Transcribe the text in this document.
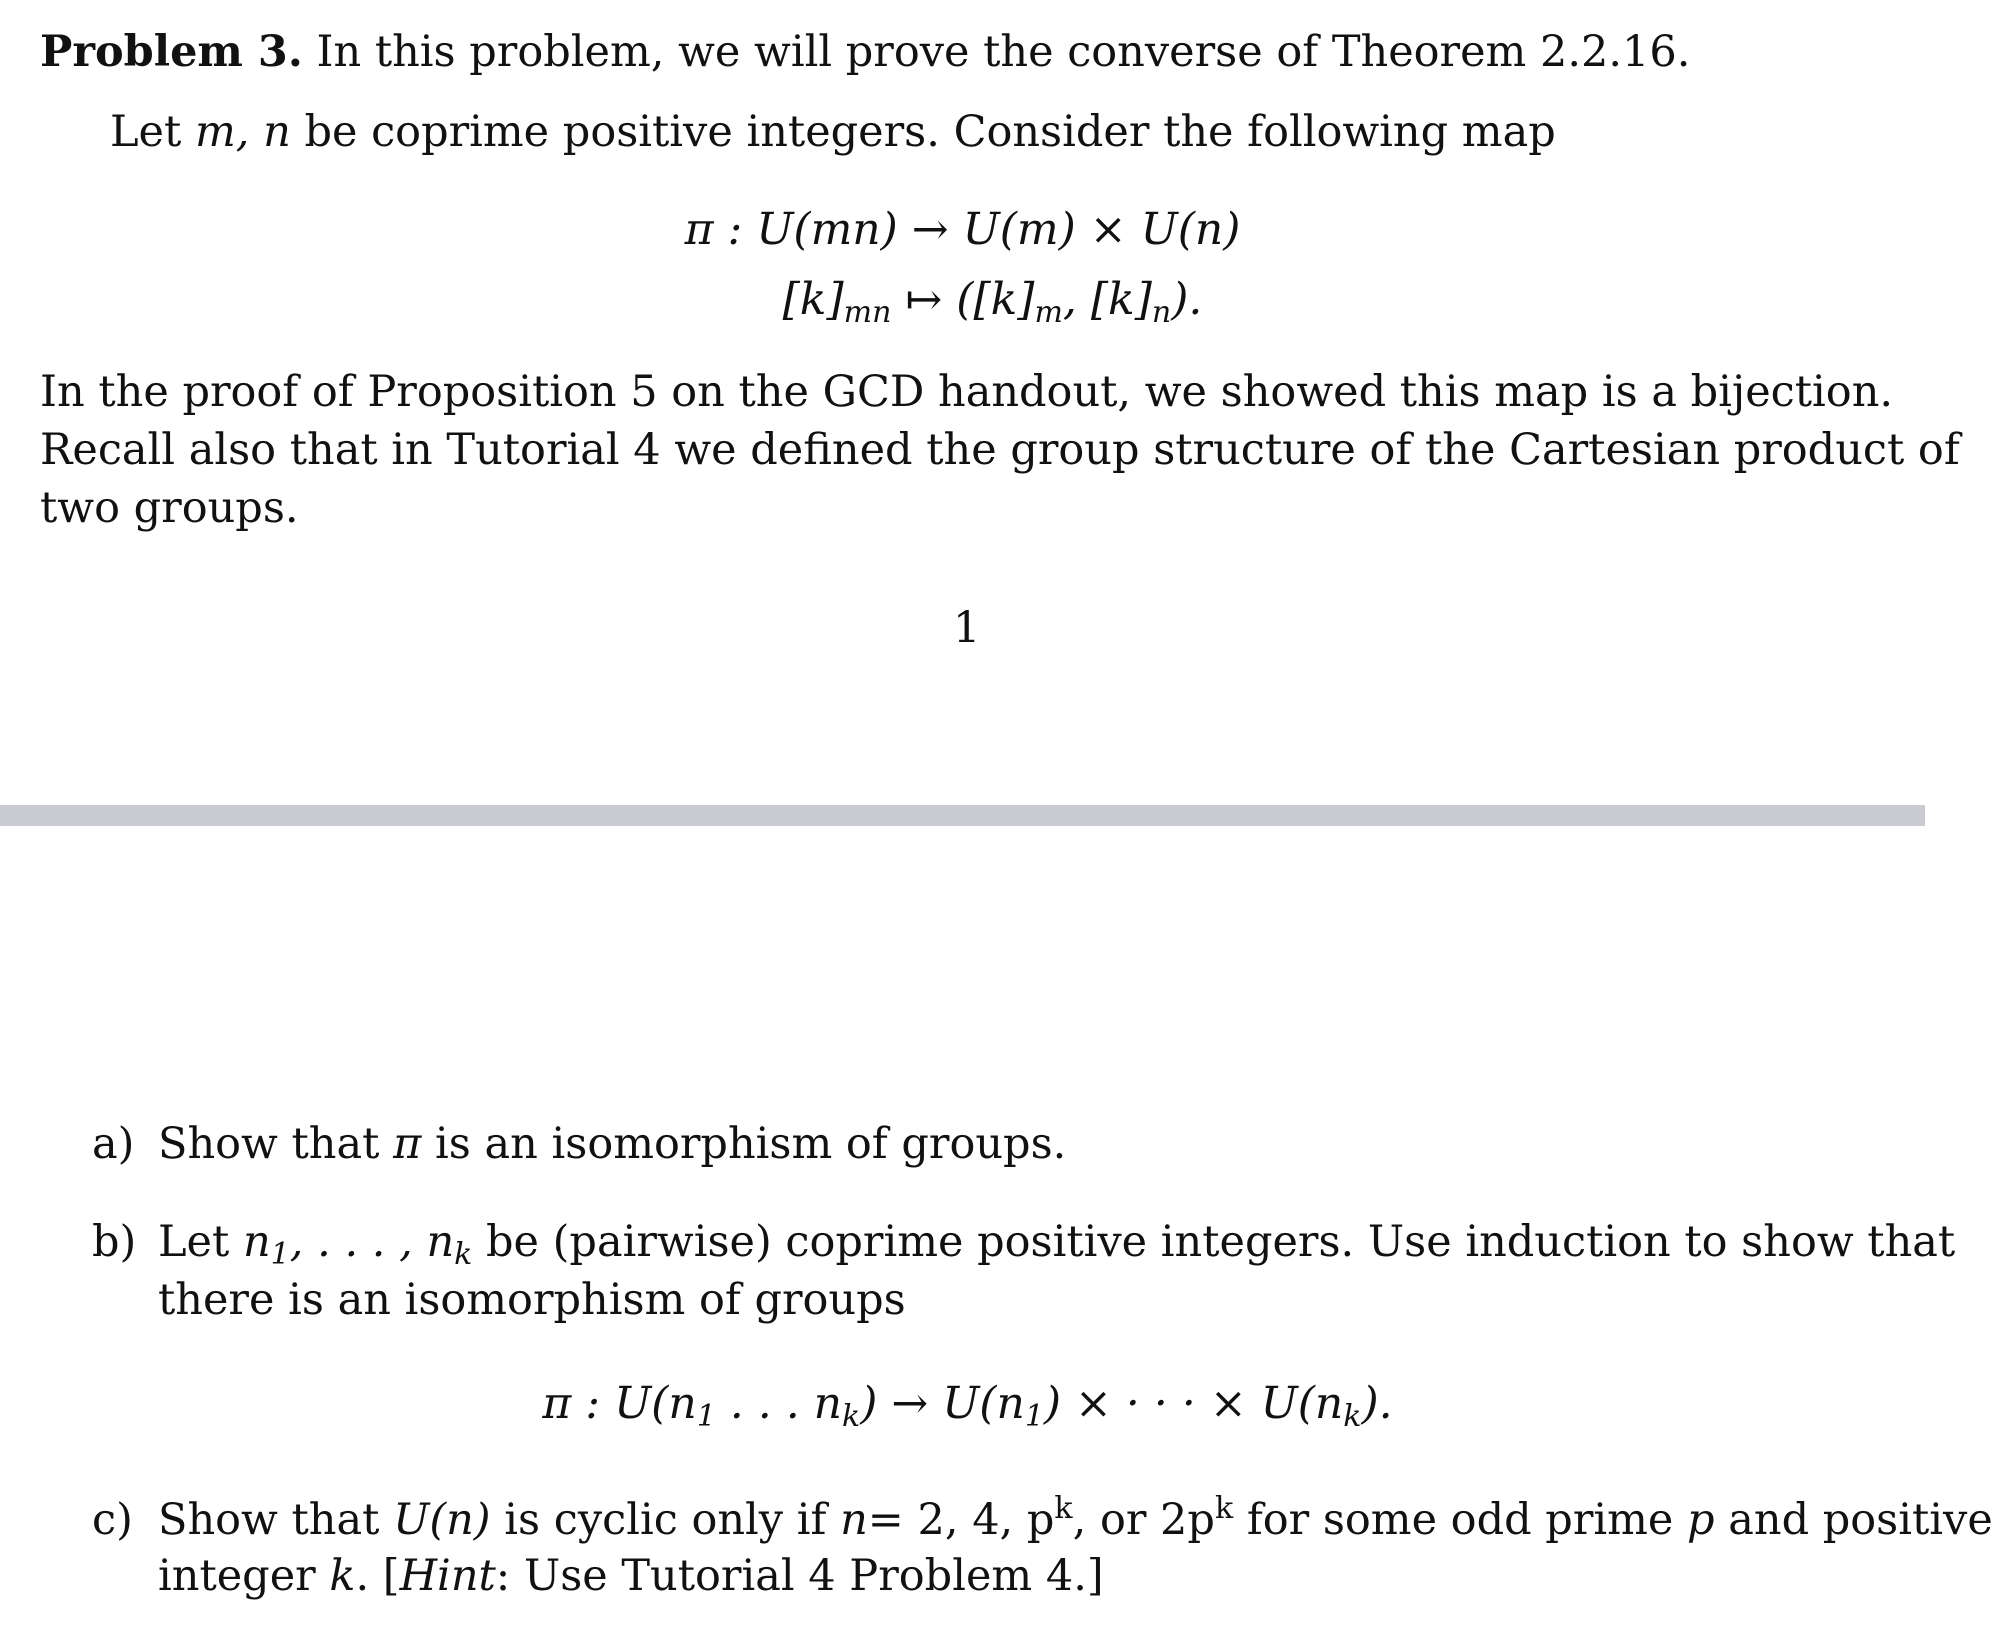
Problem 3. In this problem, we will prove the converse of Theorem 2.2.16.
Let m, n be coprime positive integers. Consider the following map
π : U(mn) → U(m) × U(n)
$[k]_{mn}$ ↦ ($[k]_m$, $[k]_n$).
In the proof of Proposition 5 on the GCD handout, we showed this map is a bijection.
Recall also that in Tutorial 4 we defined the group structure of the Cartesian product of
two groups.
1
a) Show that π is an isomorphism of groups.
b) Let $n_1$, . . . , $n_k$ be (pairwise) coprime positive integers. Use induction to show that
there is an isomorphism of groups
π : $U(n_1$ . . . $n_k) \to U(n_1)$ × · · · × $U(n_k)$.
c) Show that U(n) is cyclic only if n= 2, 4, $p^k$, or $2p^k$ for some odd prime p and positive
integer k. [Hint: Use Tutorial 4 Problem 4.]
